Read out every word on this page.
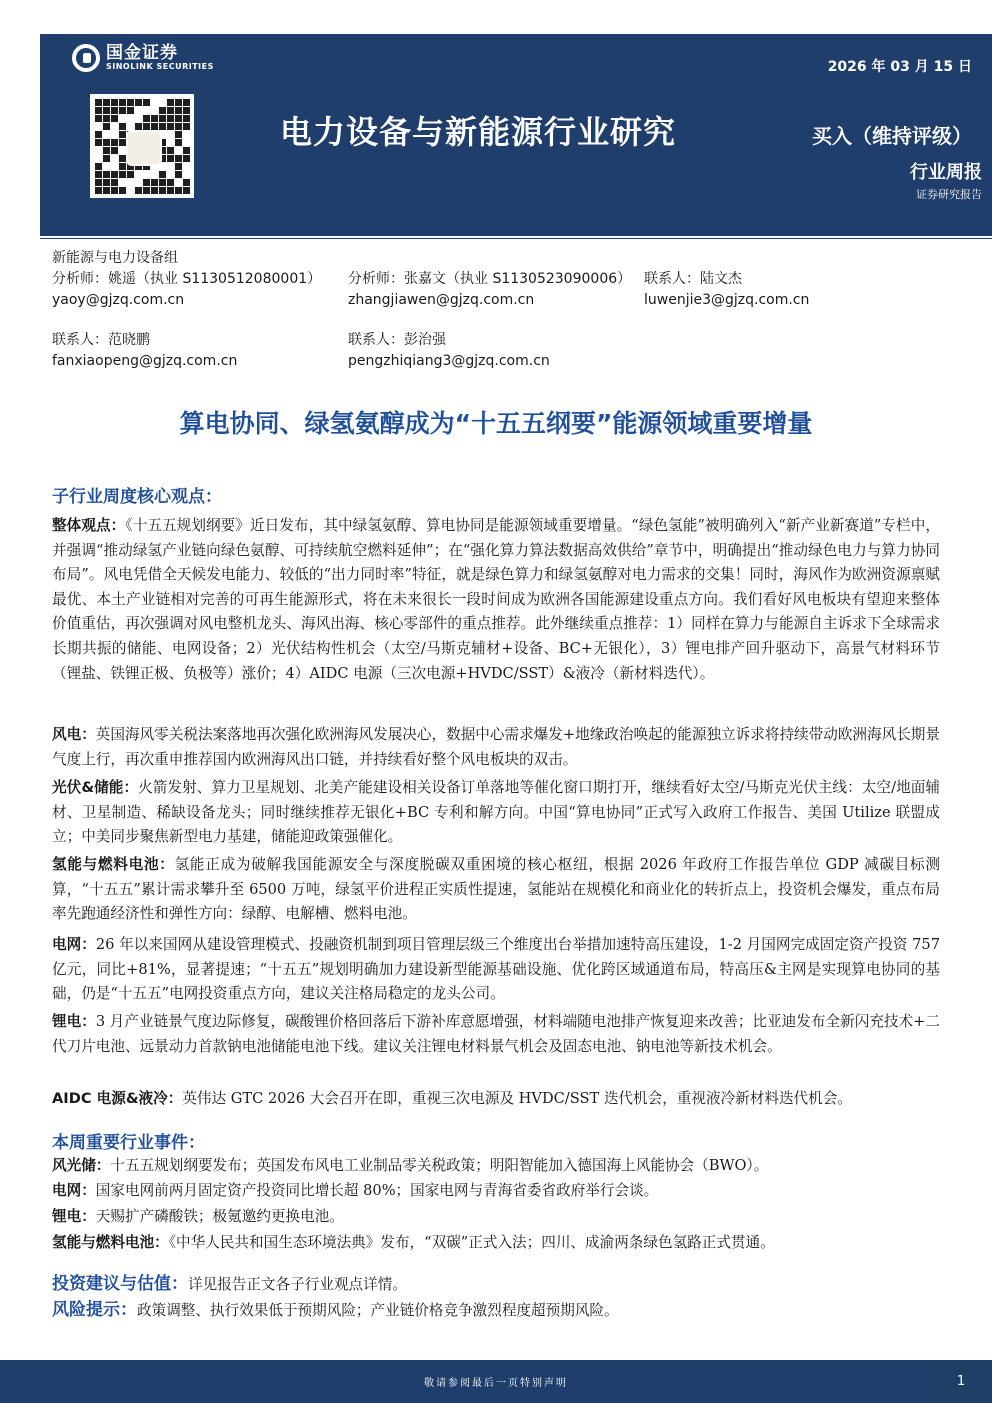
国金证券
SINOLINK SECURITIES	2026 年 03 月 15 日
电力设备与新能源行业研究	买入（维持评级）
行业周报
证券研究报告
新能源与电力设备组
分析师：姚遥（执业 S1130512080001）
yaoy@gjzq.com.cn
分析师：张嘉文（执业 S1130523090006）
zhangjiawen@gjzq.com.cn
联系人：陆文杰
luwenjie3@gjzq.com.cn
联系人：范晓鹏
fanxiaopeng@gjzq.com.cn
联系人：彭治强
pengzhiqiang3@gjzq.com.cn
算电协同、绿氢氨醇成为“十五五纲要”能源领域重要增量
子行业周度核心观点：
整体观点：《十五五规划纲要》近日发布，其中绿氢氨醇、算电协同是能源领域重要增量。“绿色氢能”被明确列入“新产业新赛道”专栏中，并强调“推动绿氢产业链向绿色氨醇、可持续航空燃料延伸”；在“强化算力算法数据高效供给”章节中，明确提出“推动绿色电力与算力协同布局”。风电凭借全天候发电能力、较低的“出力同时率”特征，就是绿色算力和绿氢氨醇对电力需求的交集！同时，海风作为欧洲资源禀赋最优、本土产业链相对完善的可再生能源形式，将在未来很长一段时间成为欧洲各国能源建设重点方向。我们看好风电板块有望迎来整体价值重估，再次强调对风电整机龙头、海风出海、核心零部件的重点推荐。此外继续重点推荐：1）同样在算力与能源自主诉求下全球需求长期共振的储能、电网设备；2）光伏结构性机会（太空/马斯克辅材+设备、BC+无银化），3）锂电排产回升驱动下，高景气材料环节（锂盐、铁锂正极、负极等）涨价；4）AIDC 电源（三次电源+HVDC/SST）&液冷（新材料迭代）。
风电：英国海风零关税法案落地再次强化欧洲海风发展决心，数据中心需求爆发+地缘政治唤起的能源独立诉求将持续带动欧洲海风长期景气度上行，再次重申推荐国内欧洲海风出口链，并持续看好整个风电板块的双击。
光伏&储能：火箭发射、算力卫星规划、北美产能建设相关设备订单落地等催化窗口期打开，继续看好太空/马斯克光伏主线：太空/地面辅材、卫星制造、稀缺设备龙头；同时继续推荐无银化+BC 专利和解方向。中国“算电协同”正式写入政府工作报告、美国 Utilize 联盟成立；中美同步聚焦新型电力基建，储能迎政策强催化。
氢能与燃料电池：氢能正成为破解我国能源安全与深度脱碳双重困境的核心枢纽，根据 2026 年政府工作报告单位 GDP 减碳目标测算，“十五五”累计需求攀升至 6500 万吨，绿氢平价进程正实质性提速，氢能站在规模化和商业化的转折点上，投资机会爆发，重点布局率先跑通经济性和弹性方向：绿醇、电解槽、燃料电池。
电网：26 年以来国网从建设管理模式、投融资机制到项目管理层级三个维度出台举措加速特高压建设，1-2 月国网完成固定资产投资 757 亿元，同比+81%，显著提速；“十五五”规划明确加力建设新型能源基础设施、优化跨区域通道布局，特高压&主网是实现算电协同的基础，仍是“十五五”电网投资重点方向，建议关注格局稳定的龙头公司。
锂电：3 月产业链景气度边际修复，碳酸锂价格回落后下游补库意愿增强，材料端随电池排产恢复迎来改善；比亚迪发布全新闪充技术+二代刀片电池、远景动力首款钠电池储能电池下线。建议关注锂电材料景气机会及固态电池、钠电池等新技术机会。
AIDC 电源&液冷：英伟达 GTC 2026 大会召开在即，重视三次电源及 HVDC/SST 迭代机会，重视液冷新材料迭代机会。
本周重要行业事件：
风光储：十五五规划纲要发布；英国发布风电工业制品零关税政策；明阳智能加入德国海上风能协会（BWO）。
电网：国家电网前两月固定资产投资同比增长超 80%；国家电网与青海省委省政府举行会谈。
锂电：天赐扩产磷酸铁；极氪邀约更换电池。
氢能与燃料电池：《中华人民共和国生态环境法典》发布，“双碳”正式入法；四川、成渝两条绿色氢路正式贯通。
投资建议与估值：详见报告正文各子行业观点详情。
风险提示：政策调整、执行效果低于预期风险；产业链价格竞争激烈程度超预期风险。
敬请参阅最后一页特别声明	1
